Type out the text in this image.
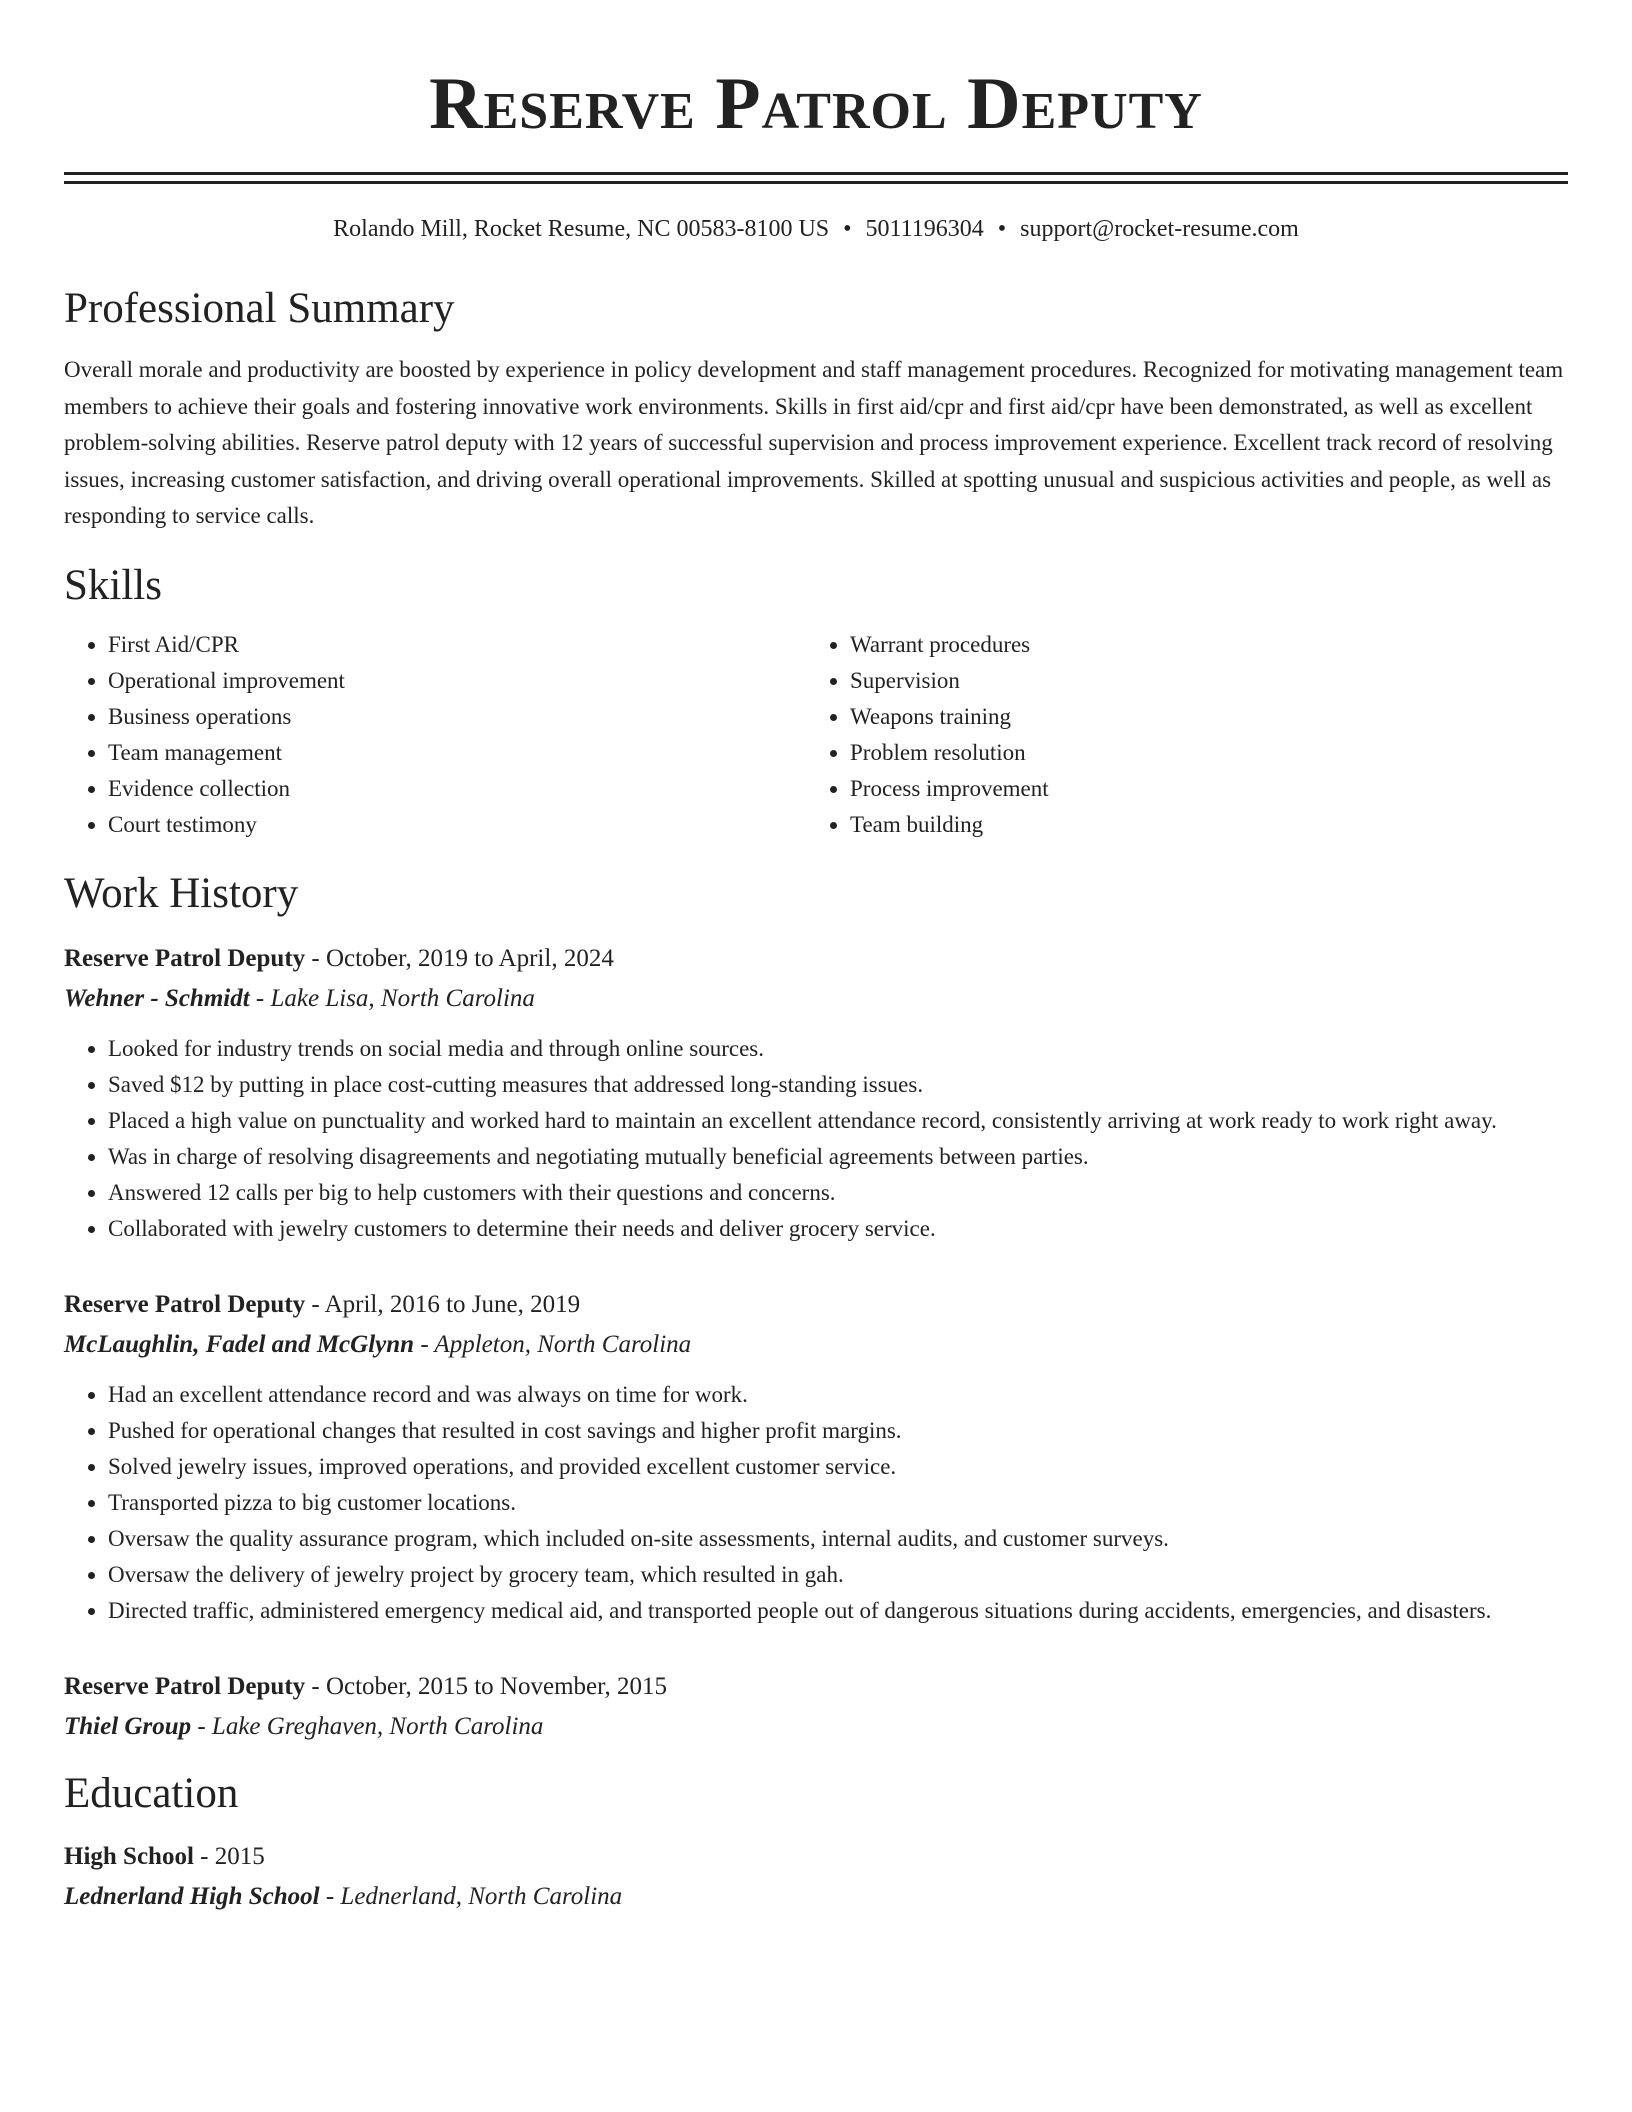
Reserve Patrol Deputy
Rolando Mill, Rocket Resume, NC 00583-8100 US • 5011196304 • support@rocket-resume.com
Professional Summary

Overall morale and productivity are boosted by experience in policy development and staff management procedures. Recognized for motivating management team members to achieve their goals and fostering innovative work environments. Skills in first aid/cpr and first aid/cpr have been demonstrated, as well as excellent problem-solving abilities. Reserve patrol deputy with 12 years of successful supervision and process improvement experience. Excellent track record of resolving issues, increasing customer satisfaction, and driving overall operational improvements. Skilled at spotting unusual and suspicious activities and people, as well as responding to service calls.

Skills
• First Aid/CPR
• Operational improvement
• Business operations
• Team management
• Evidence collection
• Court testimony
• Warrant procedures
• Supervision
• Weapons training
• Problem resolution
• Process improvement
• Team building
Work History
Reserve Patrol Deputy - October, 2019 to April, 2024
Wehner - Schmidt - Lake Lisa, North Carolina
• Looked for industry trends on social media and through online sources.
• Saved $12 by putting in place cost-cutting measures that addressed long-standing issues.
• Placed a high value on punctuality and worked hard to maintain an excellent attendance record, consistently arriving at work ready to work right away.
• Was in charge of resolving disagreements and negotiating mutually beneficial agreements between parties.
• Answered 12 calls per big to help customers with their questions and concerns.
• Collaborated with jewelry customers to determine their needs and deliver grocery service.
Reserve Patrol Deputy - April, 2016 to June, 2019
McLaughlin, Fadel and McGlynn - Appleton, North Carolina
• Had an excellent attendance record and was always on time for work.
• Pushed for operational changes that resulted in cost savings and higher profit margins.
• Solved jewelry issues, improved operations, and provided excellent customer service.
• Transported pizza to big customer locations.
• Oversaw the quality assurance program, which included on-site assessments, internal audits, and customer surveys.
• Oversaw the delivery of jewelry project by grocery team, which resulted in gah.
• Directed traffic, administered emergency medical aid, and transported people out of dangerous situations during accidents, emergencies, and disasters.
Reserve Patrol Deputy - October, 2015 to November, 2015
Thiel Group - Lake Greghaven, North Carolina
Education
High School - 2015
Lednerland High School - Lednerland, North Carolina
